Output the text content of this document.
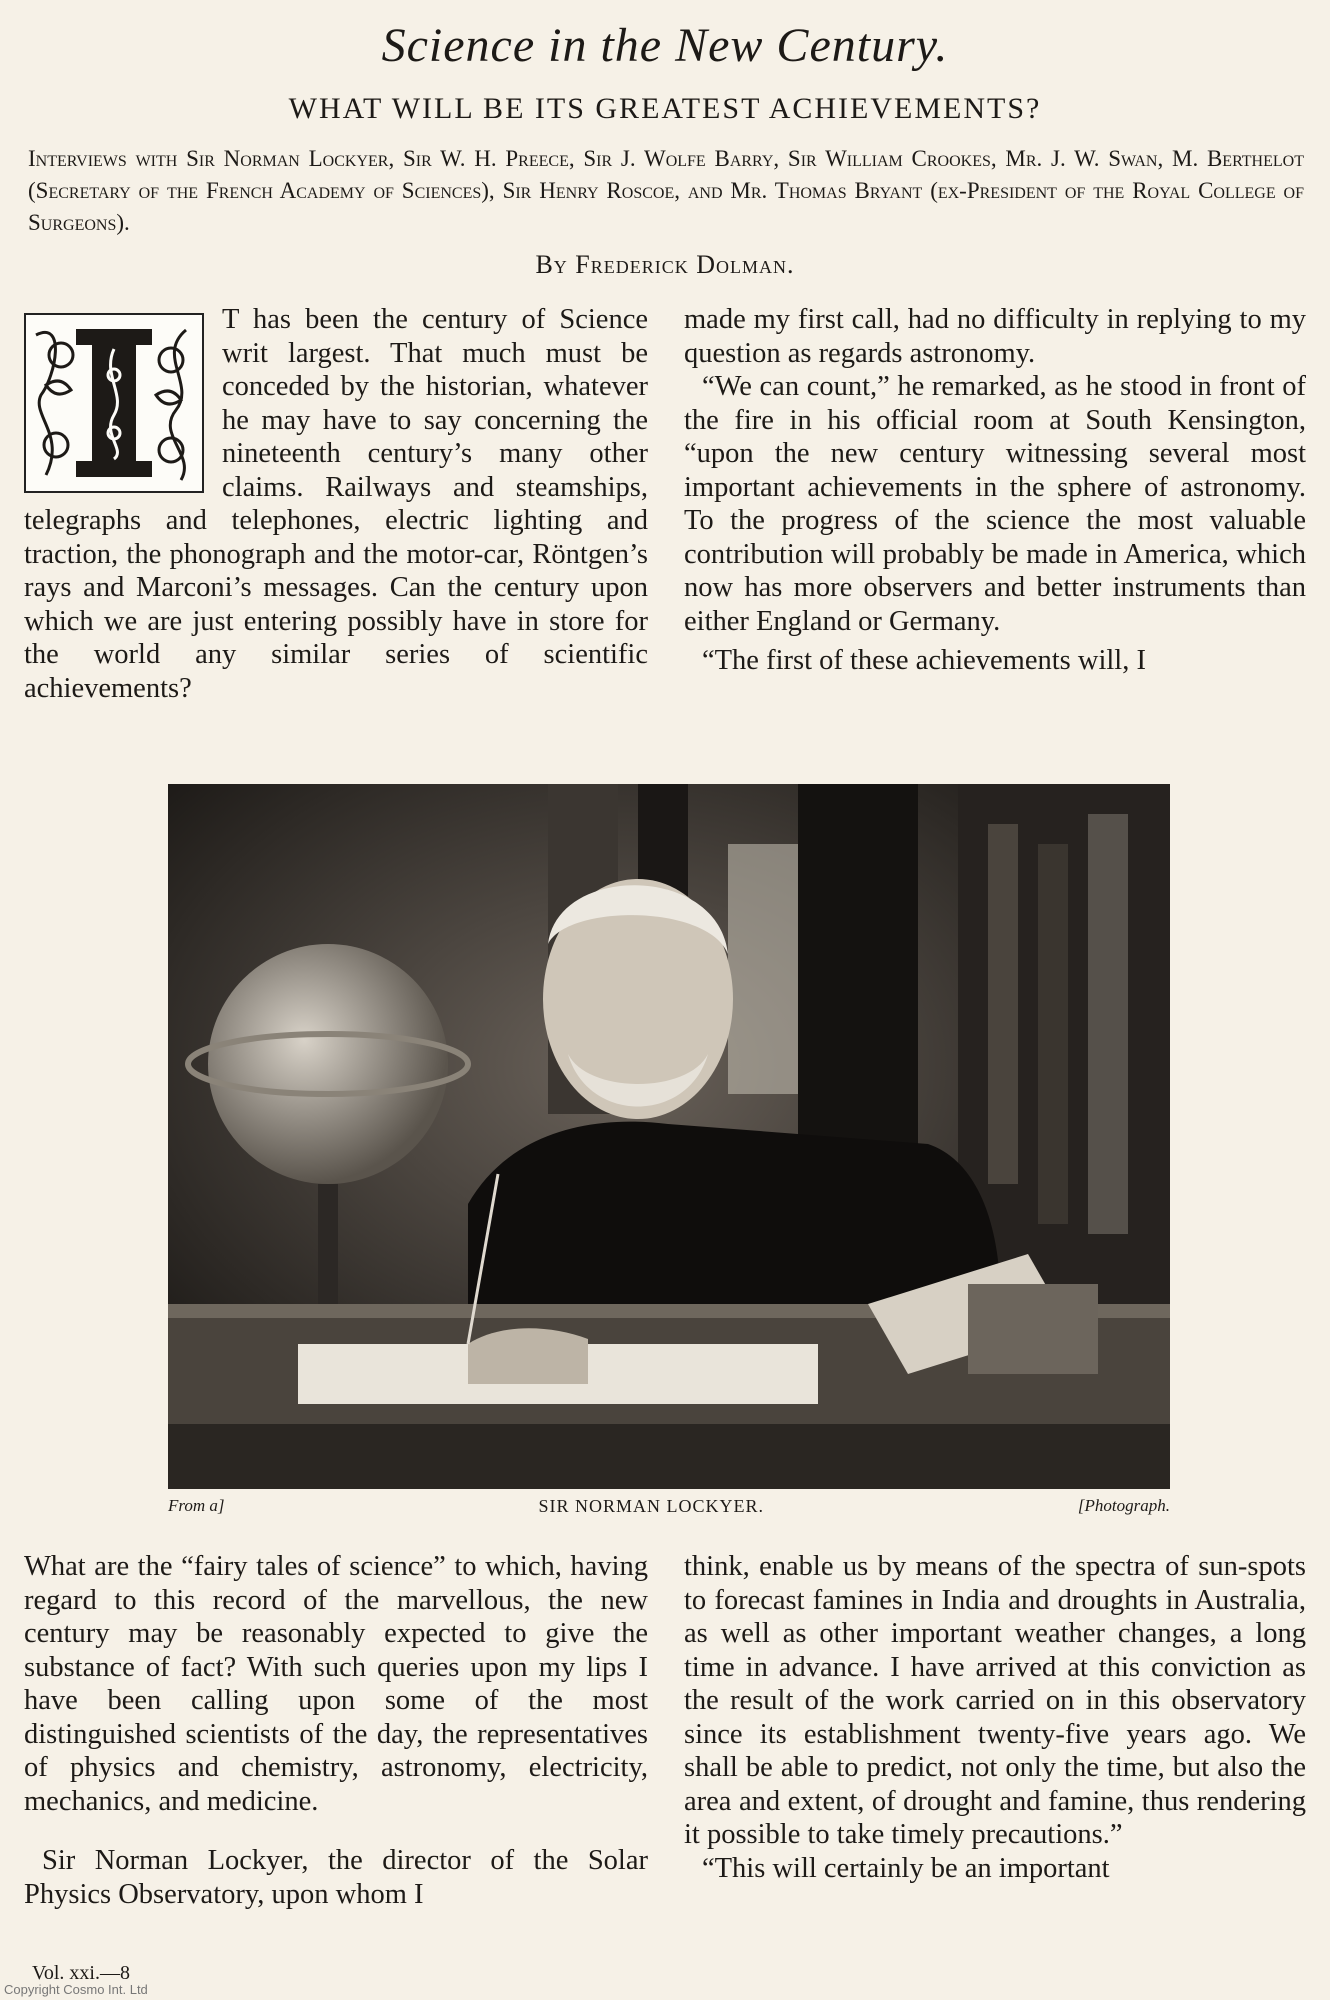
Science in the New Century.
WHAT WILL BE ITS GREATEST ACHIEVEMENTS?
Interviews with Sir Norman Lockyer, Sir W. H. Preece, Sir J. Wolfe Barry, Sir William Crookes, Mr. J. W. Swan, M. Berthelot (Secretary of the French Academy of Sciences), Sir Henry Roscoe, and Mr. Thomas Bryant (ex-President of the Royal College of Surgeons).
By Frederick Dolman.

T has been the century of Science writ largest. That much must be conceded by the historian, whatever he may have to say concerning the nineteenth century’s many other claims. Railways and steamships, telegraphs and telephones, electric lighting and traction, the phonograph and the motor-car, Röntgen’s rays and Marconi’s messages. Can the century upon which we are just entering possibly have in store for the world any similar series of scientific achievements?

made my first call, had no difficulty in replying to my question as regards astronomy.

“We can count,” he remarked, as he stood in front of the fire in his official room at South Kensington, “upon the new century witnessing several most important achievements in the sphere of astronomy. To the progress of the science the most valuable contribution will probably be made in America, which now has more observers and better instruments than either England or Germany.

“The first of these achievements will, I

From a]	SIR NORMAN LOCKYER.	[Photograph.

What are the “fairy tales of science” to which, having regard to this record of the marvellous, the new century may be reasonably expected to give the substance of fact? With such queries upon my lips I have been calling upon some of the most distinguished scientists of the day, the representatives of physics and chemistry, astronomy, electricity, mechanics, and medicine.

Sir Norman Lockyer, the director of the Solar Physics Observatory, upon whom I

think, enable us by means of the spectra of sun-spots to forecast famines in India and droughts in Australia, as well as other important weather changes, a long time in advance. I have arrived at this conviction as the result of the work carried on in this observatory since its establishment twenty-five years ago. We shall be able to predict, not only the time, but also the area and extent, of drought and famine, thus rendering it possible to take timely precautions.”

“This will certainly be an important

Vol. xxi.—8
Copyright Cosmo Int. Ltd
